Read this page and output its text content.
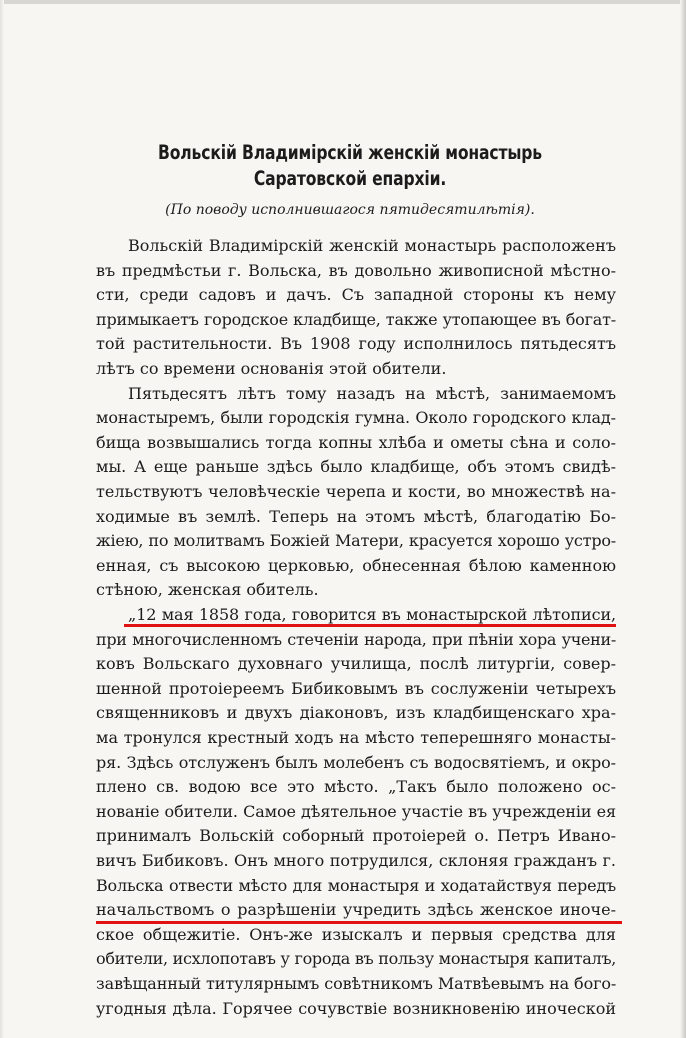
Вольскій Владимірскій женскій монастырь Саратовской епархіи.
(По поводу исполнившагося пятидесятилѣтія).
Вольскій Владимірскій женскій монастырь расположенъ
въ предмѣстьи г. Вольска, въ довольно живописной мѣстно-
сти, среди садовъ и дачъ. Съ западной стороны къ нему
примыкаетъ городское кладбище, также утопающее въ богат-
той растительности. Въ 1908 году исполнилось пятьдесятъ
лѣтъ со времени основанія этой обители.
Пятьдесятъ лѣтъ тому назадъ на мѣстѣ, занимаемомъ
монастыремъ, были городскія гумна. Около городского клад-
бища возвышались тогда копны хлѣба и ометы сѣна и соло-
мы. А еще раньше здѣсь было кладбище, объ этомъ свидѣ-
тельствуютъ человѣческіе черепа и кости, во множествѣ на-
ходимые въ землѣ. Теперь на этомъ мѣстѣ, благодатію Бо-
жіею, по молитвамъ Божіей Матери, красуется хорошо устро-
енная, съ высокою церковью, обнесенная бѣлою каменною
стѣною, женская обитель.
„12 мая 1858 года, говорится въ монастырской лѣтописи,
при многочисленномъ стеченіи народа, при пѣніи хора учени-
ковъ Вольскаго духовнаго училища, послѣ литургіи, совер-
шенной протоіереемъ Бибиковымъ въ сослуженіи четырехъ
священниковъ и двухъ діаконовъ, изъ кладбищенскаго хра-
ма тронулся крестный ходъ на мѣсто теперешняго монасты-
ря. Здѣсь отслуженъ былъ молебенъ съ водосвятіемъ, и окро-
плено св. водою все это мѣсто. „Такъ было положено ос-
нованіе обители. Самое дѣятельное участіе въ учрежденіи ея
принималъ Вольскій соборный протоіерей о. Петръ Ивано-
вичъ Бибиковъ. Онъ много потрудился, склоняя гражданъ г.
Вольска отвести мѣсто для монастыря и ходатайствуя передъ
начальствомъ о разрѣшеніи учредить здѣсь женское иноче-
ское общежитіе. Онъ-же изыскалъ и первыя средства для
обители, исхлопотавъ у города въ пользу монастыря капиталъ,
завѣщанный титулярнымъ совѣтникомъ Матвѣевымъ на бого-
угодныя дѣла. Горячее сочувствіе возникновенію иноческой
